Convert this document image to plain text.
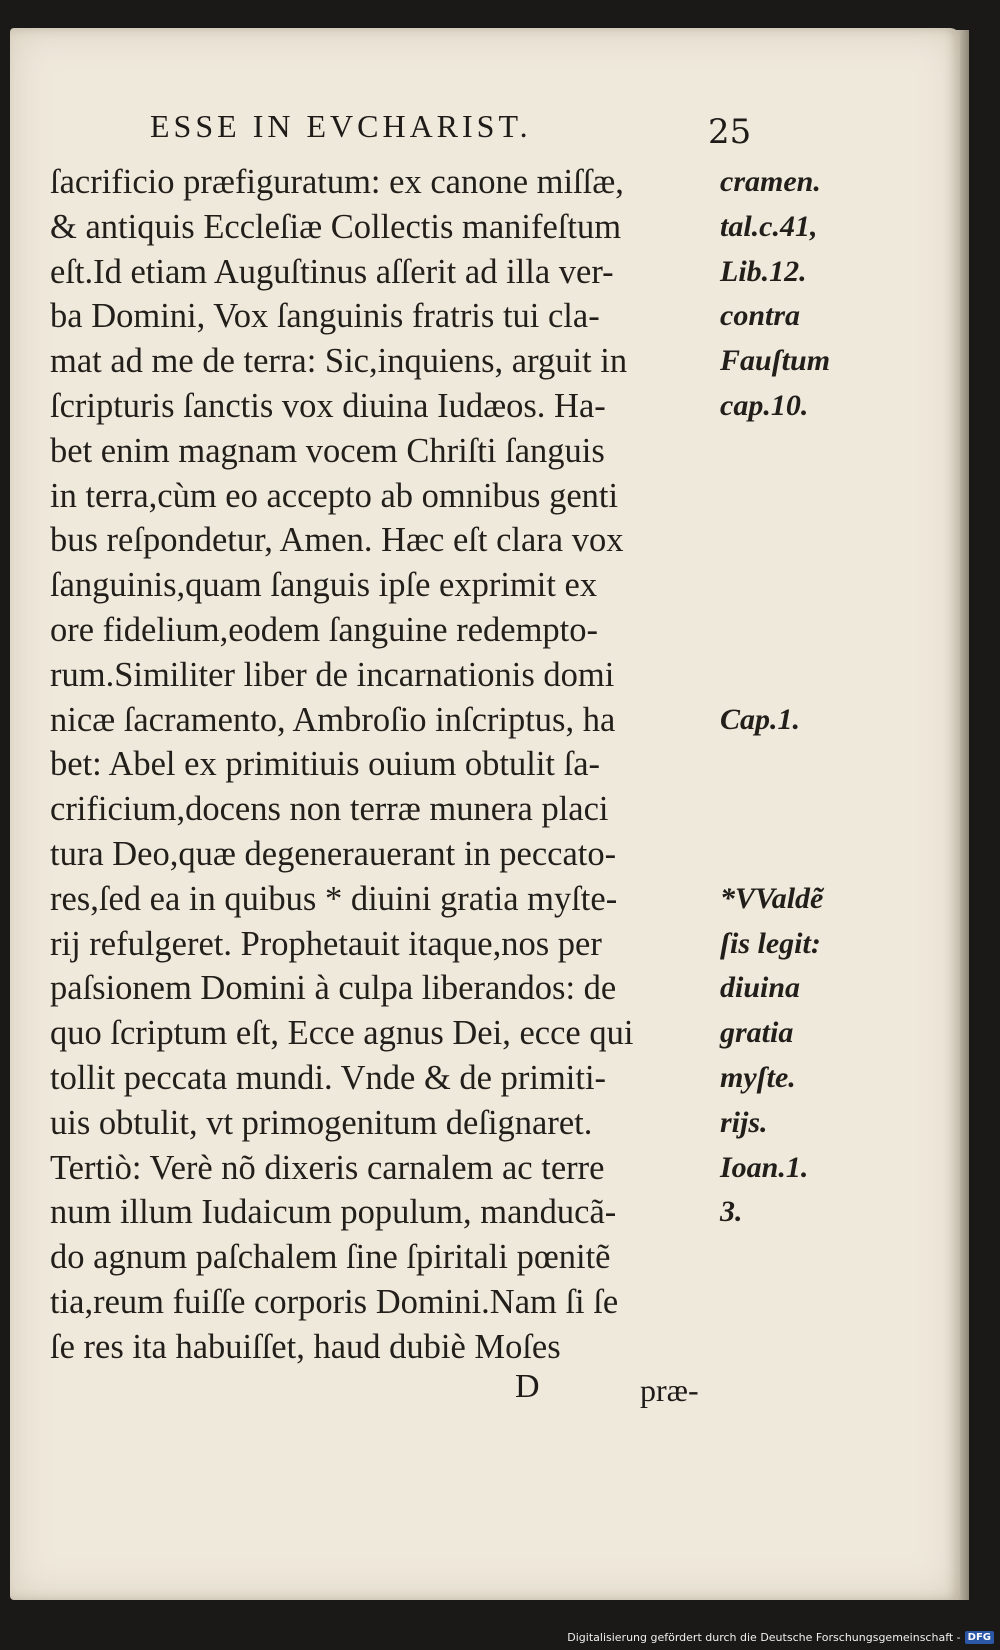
ESSE IN EVCHARIST.	25
ſacrificio præfiguratum: ex canone miſſæ,
& antiquis Eccleſiæ Collectis manifeſtum
eſt.Id etiam Auguſtinus aſſerit ad illa ver-
ba Domini, Vox ſanguinis fratris tui cla-
mat ad me de terra: Sic,inquiens, arguit in
ſcripturis ſanctis vox diuina Iudæos. Ha-
bet enim magnam vocem Chriſti ſanguis
in terra,cùm eo accepto ab omnibus genti
bus reſpondetur, Amen. Hæc eſt clara vox
ſanguinis,quam ſanguis ipſe exprimit ex
ore fidelium,eodem ſanguine redempto-
rum.Similiter liber de incarnationis domi
nicæ ſacramento, Ambroſio inſcriptus, ha
bet: Abel ex primitiuis ouium obtulit ſa-
crificium,docens non terræ munera placi
tura Deo,quæ degenerauerant in peccato-
res,ſed ea in quibus * diuini gratia myſte-
rij refulgeret. Prophetauit itaque,nos per
paſsionem Domini à culpa liberandos: de
quo ſcriptum eſt, Ecce agnus Dei, ecce qui
tollit peccata mundi. Vnde & de primiti-
uis obtulit, vt primogenitum deſignaret.
Tertiò: Verè nõ dixeris carnalem ac terre
num illum Iudaicum populum, manducã-
do agnum paſchalem ſine ſpiritali pœnitẽ
tia,reum fuiſſe corporis Domini.Nam ſi ſe
ſe res ita habuiſſet, haud dubiè Moſes
cramen.
tal.c.41,
Lib.12.
contra
Fauſtum
cap.10.
Cap.1.
*VValdẽ
ſis legit:
diuina
gratia
myſte.
rijs.
Ioan.1.
3.
D	præ-
Digitalisierung gefördert durch die Deutsche Forschungsgemeinschaft - DFG
